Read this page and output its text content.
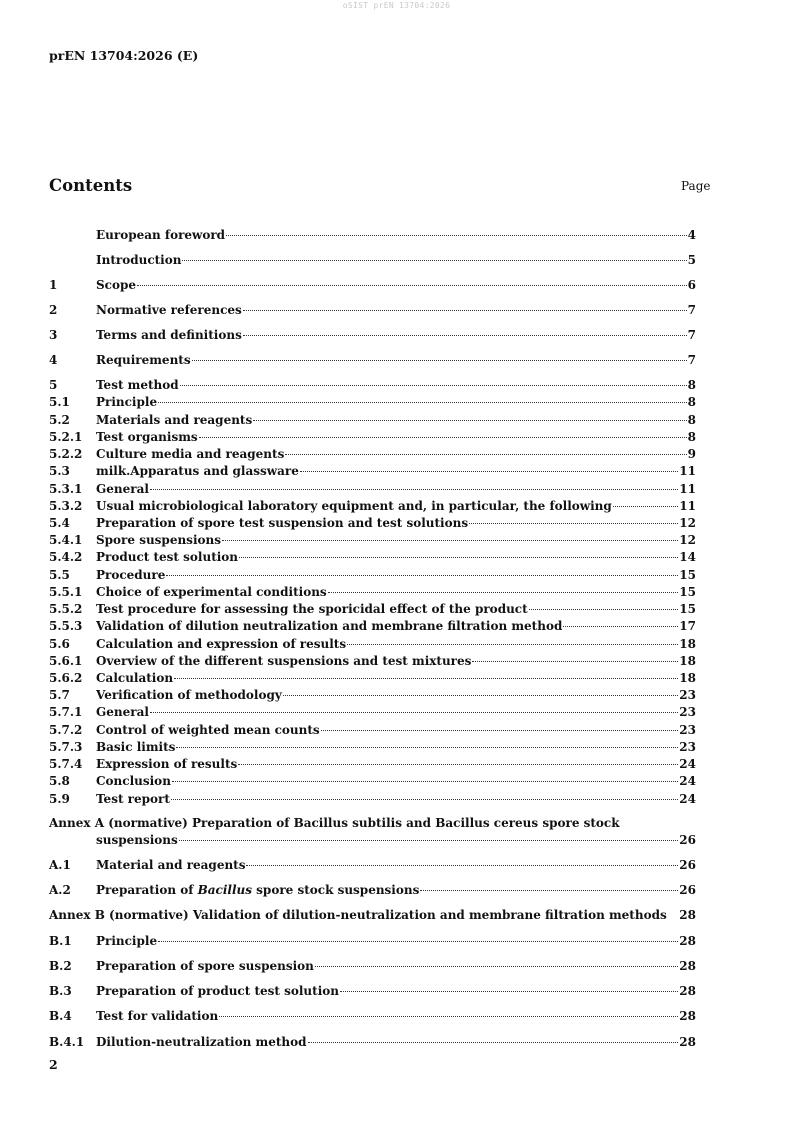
oSIST prEN 13704:2026
prEN 13704:2026 (E)
Contents	Page
European foreword	4
Introduction	5
1	Scope	6
2	Normative references	7
3	Terms and definitions	7
4	Requirements	7
5	Test method	8
5.1	Principle	8
5.2	Materials and reagents	8
5.2.1	Test organisms	8
5.2.2	Culture media and reagents	9
5.3	milk.Apparatus and glassware	11
5.3.1	General	11
5.3.2	Usual microbiological laboratory equipment and, in particular, the following	11
5.4	Preparation of spore test suspension and test solutions	12
5.4.1	Spore suspensions	12
5.4.2	Product test solution	14
5.5	Procedure	15
5.5.1	Choice of experimental conditions	15
5.5.2	Test procedure for assessing the sporicidal effect of the product	15
5.5.3	Validation of dilution neutralization and membrane filtration method	17
5.6	Calculation and expression of results	18
5.6.1	Overview of the different suspensions and test mixtures	18
5.6.2	Calculation	18
5.7	Verification of methodology	23
5.7.1	General	23
5.7.2	Control of weighted mean counts	23
5.7.3	Basic limits	23
5.7.4	Expression of results	24
5.8	Conclusion	24
5.9	Test report	24
Annex A (normative) Preparation of Bacillus subtilis and Bacillus cereus spore stock
suspensions	26
A.1	Material and reagents	26
A.2	Preparation of Bacillus spore stock suspensions	26
Annex B (normative) Validation of dilution-neutralization and membrane filtration methods 28
B.1	Principle	28
B.2	Preparation of spore suspension	28
B.3	Preparation of product test solution	28
B.4	Test for validation	28
B.4.1 Dilution-neutralization method	28
2
